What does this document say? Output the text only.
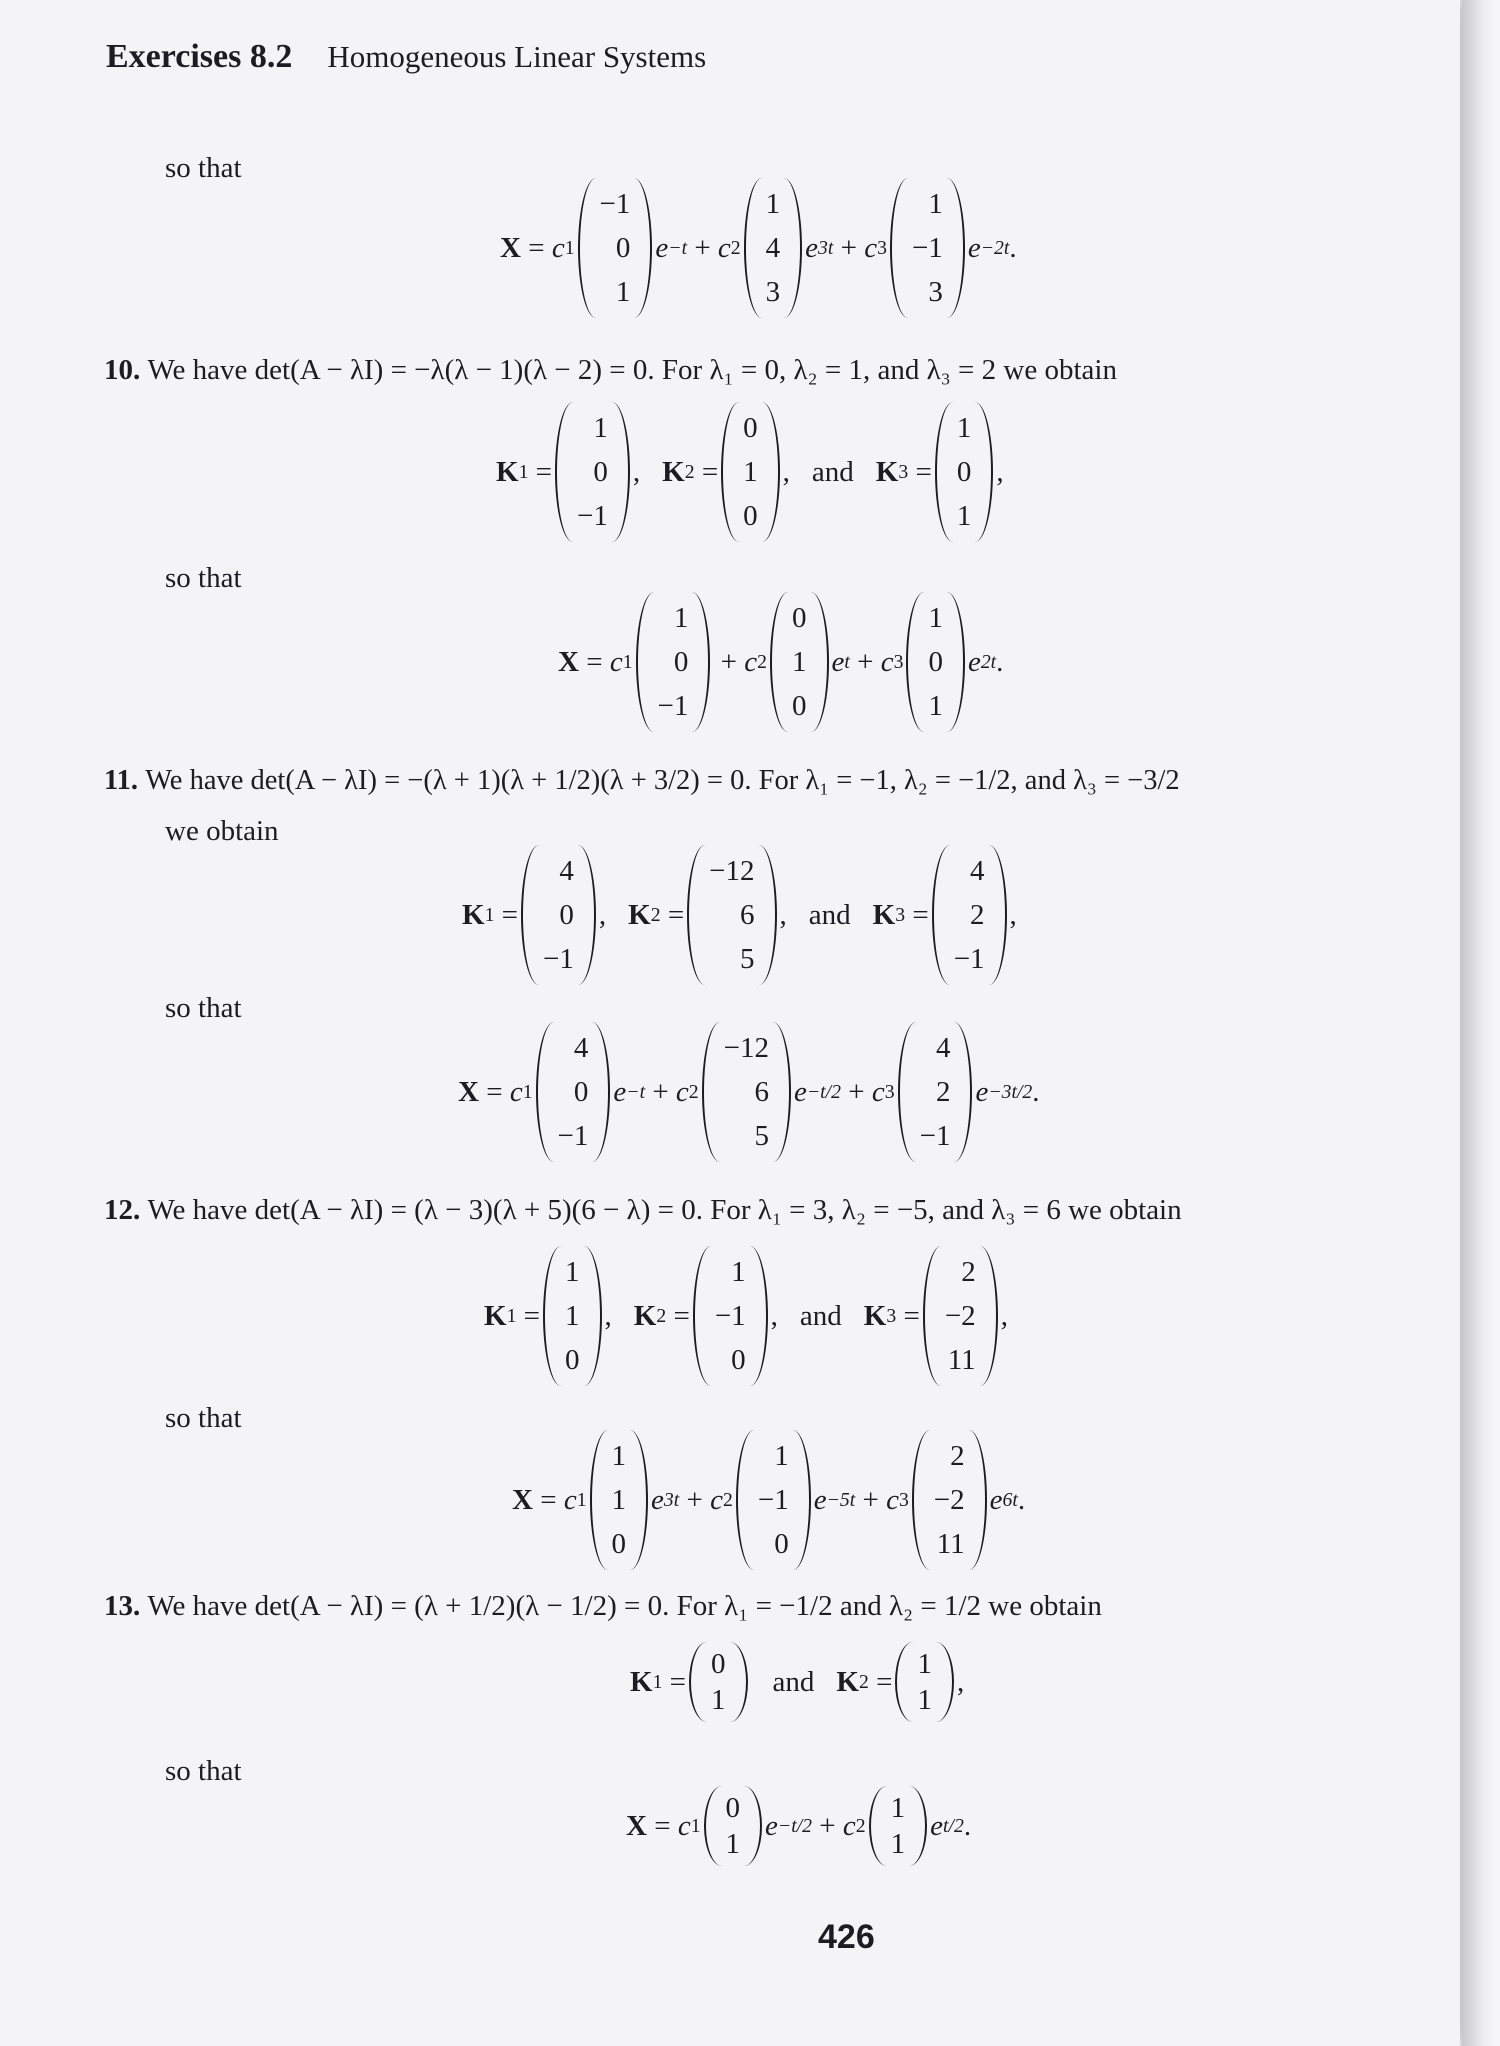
Exercises 8.2 Homogeneous Linear Systems
so that
X = c 1
−1
0
1
e −t + c 2
1
4
3
e 3t + c 3
1
−1
3
e −2t .
10. We have det(A − λI) = −λ(λ − 1)(λ − 2) = 0. For λ₁ = 0, λ₂ = 1, and λ₃ = 2 we obtain
K 1 =
1
0
−1
, K 2 =
0
1
0
, and K 3 =
1
0
1
,
so that
X = c 1
1
0
−1
+ c 2
0
1
0
e t + c 3
1
0
1
e 2t .
11. We have det(A − λI) = −(λ + 1)(λ + 1/2)(λ + 3/2) = 0. For λ₁ = −1, λ₂ = −1/2, and λ₃ = −3/2
we obtain
K 1 =
4
0
−1
, K 2 =
−12
6
5
, and K 3 =
4
2
−1
,
so that
X = c 1
4
0
−1
e −t + c 2
−12
6
5
e −t/2 + c 3
4
2
−1
e −3t/2 .
12. We have det(A − λI) = (λ − 3)(λ + 5)(6 − λ) = 0. For λ₁ = 3, λ₂ = −5, and λ₃ = 6 we obtain
K 1 =
1
1
0
, K 2 =
1
−1
0
, and K 3 =
2
−2
11
,
so that
X = c 1
1
1
0
e 3t + c 2
1
−1
0
e −5t + c 3
2
−2
11
e 6t .
13. We have det(A − λI) = (λ + 1/2)(λ − 1/2) = 0. For λ₁ = −1/2 and λ₂ = 1/2 we obtain
K 1 =
0
1
and K 2 =
1
1
,
so that
X = c 1
0
1
e −t/2 + c 2
1
1
e t/2 .
426
